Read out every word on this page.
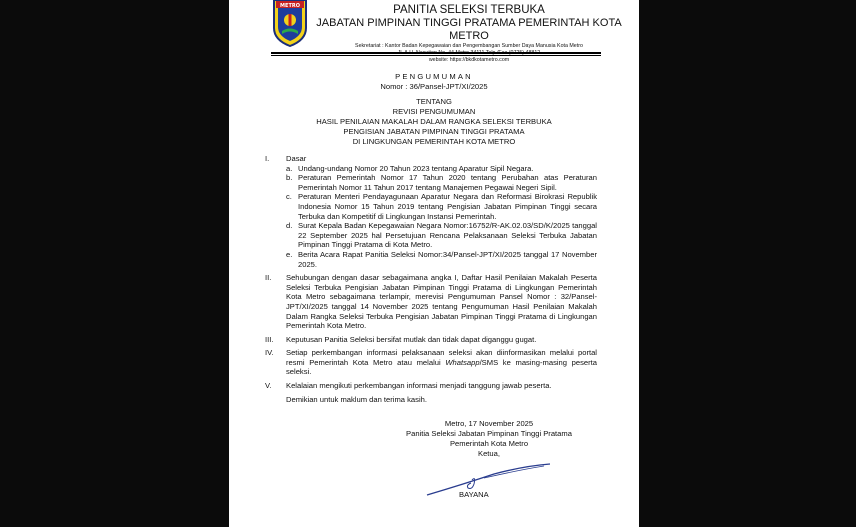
METRO	PANITIA SELEKSI TERBUKA
JABATAN PIMPINAN TINGGI PRATAMA PEMERINTAH KOTA METRO
Sekretariat : Kantor Badan Kepegawaian dan Pengembangan Sumber Daya Manusia Kota Metro
website: https://bkdkotametro.com
PENGUMUMAN
Nomor : 36/Pansel-JPT/XI/2025
TENTANG
REVISI PENGUMUMAN
HASIL PENILAIAN MAKALAH DALAM RANGKA SELEKSI TERBUKA
PENGISIAN JABATAN PIMPINAN TINGGI PRATAMA
DI LINGKUNGAN PEMERINTAH KOTA METRO
I. Dasar
a. Undang-undang Nomor 20 Tahun 2023 tentang Aparatur Sipil Negara.
b. Peraturan Pemerintah Nomor 17 Tahun 2020 tentang Perubahan atas Peraturan Pemerintah Nomor 11 Tahun 2017 tentang Manajemen Pegawai Negeri Sipil.
c. Peraturan Menteri Pendayagunaan Aparatur Negara dan Reformasi Birokrasi Republik Indonesia Nomor 15 Tahun 2019 tentang Pengisian Jabatan Pimpinan Tinggi secara Terbuka dan Kompetitif di Lingkungan Instansi Pemerintah.
d. Surat Kepala Badan Kepegawaian Negara Nomor:16752/R-AK.02.03/SD/K/2025 tanggal 22 September 2025 hal Persetujuan Rencana Pelaksanaan Seleksi Terbuka Jabatan Pimpinan Tinggi Pratama di Kota Metro.
e. Berita Acara Rapat Panitia Seleksi Nomor:34/Pansel-JPT/XI/2025 tanggal 17 November 2025.
II. Sehubungan dengan dasar sebagaimana angka I, Daftar Hasil Penilaian Makalah Peserta Seleksi Terbuka Pengisian Jabatan Pimpinan Tinggi Pratama di Lingkungan Pemerintah Kota Metro sebagaimana terlampir, merevisi Pengumuman Pansel Nomor : 32/Pansel-JPT/XI/2025 tanggal 14 November 2025 tentang Pengumuman Hasil Penilaian Makalah Dalam Rangka Seleksi Terbuka Pengisian Jabatan Pimpinan Tinggi Pratama di Lingkungan Pemerintah Kota Metro.
III. Keputusan Panitia Seleksi bersifat mutlak dan tidak dapat diganggu gugat.
IV. Setiap perkembangan informasi pelaksanaan seleksi akan diinformasikan melalui portal resmi Pemerintah Kota Metro atau melalui Whatsapp/SMS ke masing-masing peserta seleksi.
V. Kelalaian mengikuti perkembangan informasi menjadi tanggung jawab peserta.
Demikian untuk maklum dan terima kasih.
Metro, 17 November 2025
Panitia Seleksi Jabatan Pimpinan Tinggi Pratama
Pemerintah Kota Metro
Ketua,
BAYANA
